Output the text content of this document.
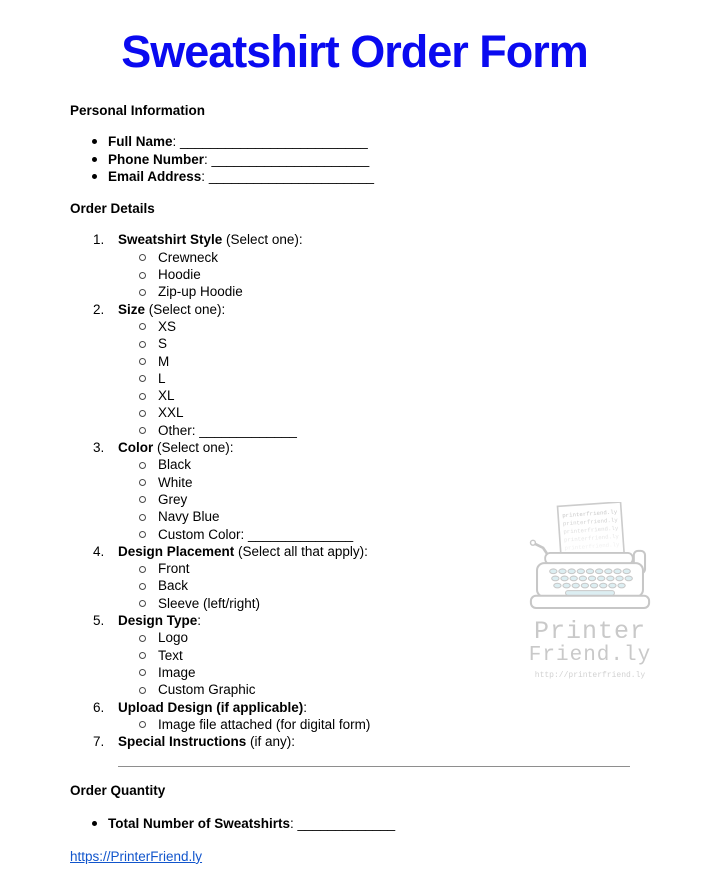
printerfriend.ly
printerfriend.ly
printerfriend.ly
printerfriend.ly
printerfriend.ly
Printer
Friend.ly
http://printerfriend.ly
Sweatshirt Order Form
Personal Information
Full Name: _________________________
Phone Number: _____________________
Email Address: ______________________
Order Details
1.	Sweatshirt Style (Select one):
Crewneck
Hoodie
Zip-up Hoodie
2.	Size (Select one):
XS
S
M
L
XL
XXL
Other: _____________
3.	Color (Select one):
Black
White
Grey
Navy Blue
Custom Color: ______________
4.	Design Placement (Select all that apply):
Front
Back
Sleeve (left/right)
5.	Design Type:
Logo
Text
Image
Custom Graphic
6.	Upload Design (if applicable):
Image file attached (for digital form)
7.	Special Instructions (if any):
Order Quantity
Total Number of Sweatshirts: _____________
https://PrinterFriend.ly
